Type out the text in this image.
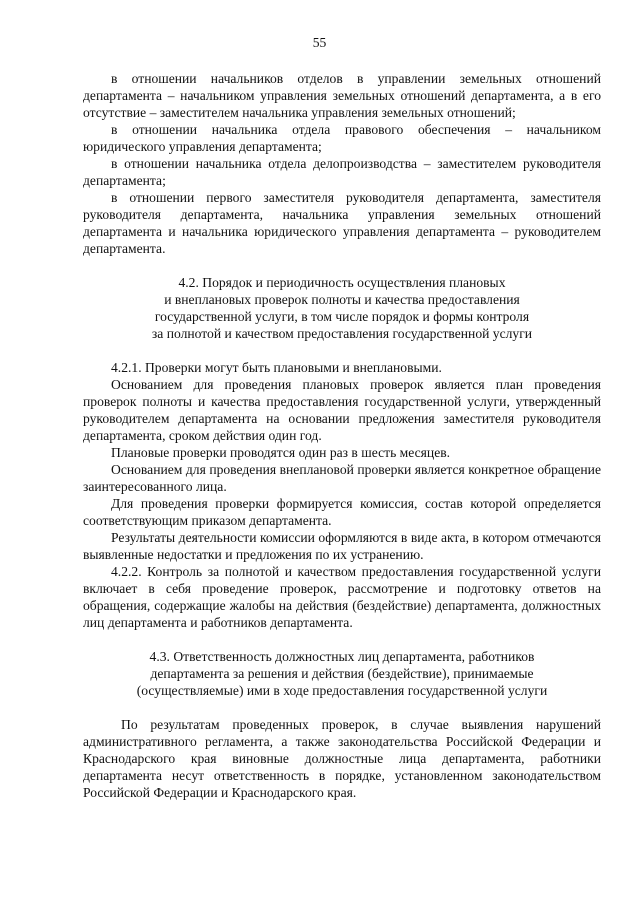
55

в отношении начальников отделов в управлении земельных отношений департамента – начальником управления земельных отношений департамента, а в его отсутствие – заместителем начальника управления земельных отношений;

в отношении начальника отдела правового обеспечения – начальником юридического управления департамента;

в отношении начальника отдела делопроизводства – заместителем руководителя департамента;

в отношении первого заместителя руководителя департамента, заместителя руководителя департамента, начальника управления земельных отношений департамента и начальника юридического управления департамента – руководителем департамента.

4.2. Порядок и периодичность осуществления плановых

и внеплановых проверок полноты и качества предоставления

государственной услуги, в том числе порядок и формы контроля

за полнотой и качеством предоставления государственной услуги

4.2.1. Проверки могут быть плановыми и внеплановыми.

Основанием для проведения плановых проверок является план проведения проверок полноты и качества предоставления государственной услуги, утвержденный руководителем департамента на основании предложения заместителя руководителя департамента, сроком действия один год.

Плановые проверки проводятся один раз в шесть месяцев.

Основанием для проведения внеплановой проверки является конкретное обращение заинтересованного лица.

Для проведения проверки формируется комиссия, состав которой определяется соответствующим приказом департамента.

Результаты деятельности комиссии оформляются в виде акта, в котором отмечаются выявленные недостатки и предложения по их устранению.

4.2.2. Контроль за полнотой и качеством предоставления государственной услуги включает в себя проведение проверок, рассмотрение и подготовку ответов на обращения, содержащие жалобы на действия (бездействие) департамента, должностных лиц департамента и работников департамента.

4.3. Ответственность должностных лиц департамента, работников

департамента за решения и действия (бездействие), принимаемые

(осуществляемые) ими в ходе предоставления государственной услуги

По результатам проведенных проверок, в случае выявления нарушений административного регламента, а также законодательства Российской Федерации и Краснодарского края виновные должностные лица департамента, работники департамента несут ответственность в порядке, установленном законодательством Российской Федерации и Краснодарского края.
